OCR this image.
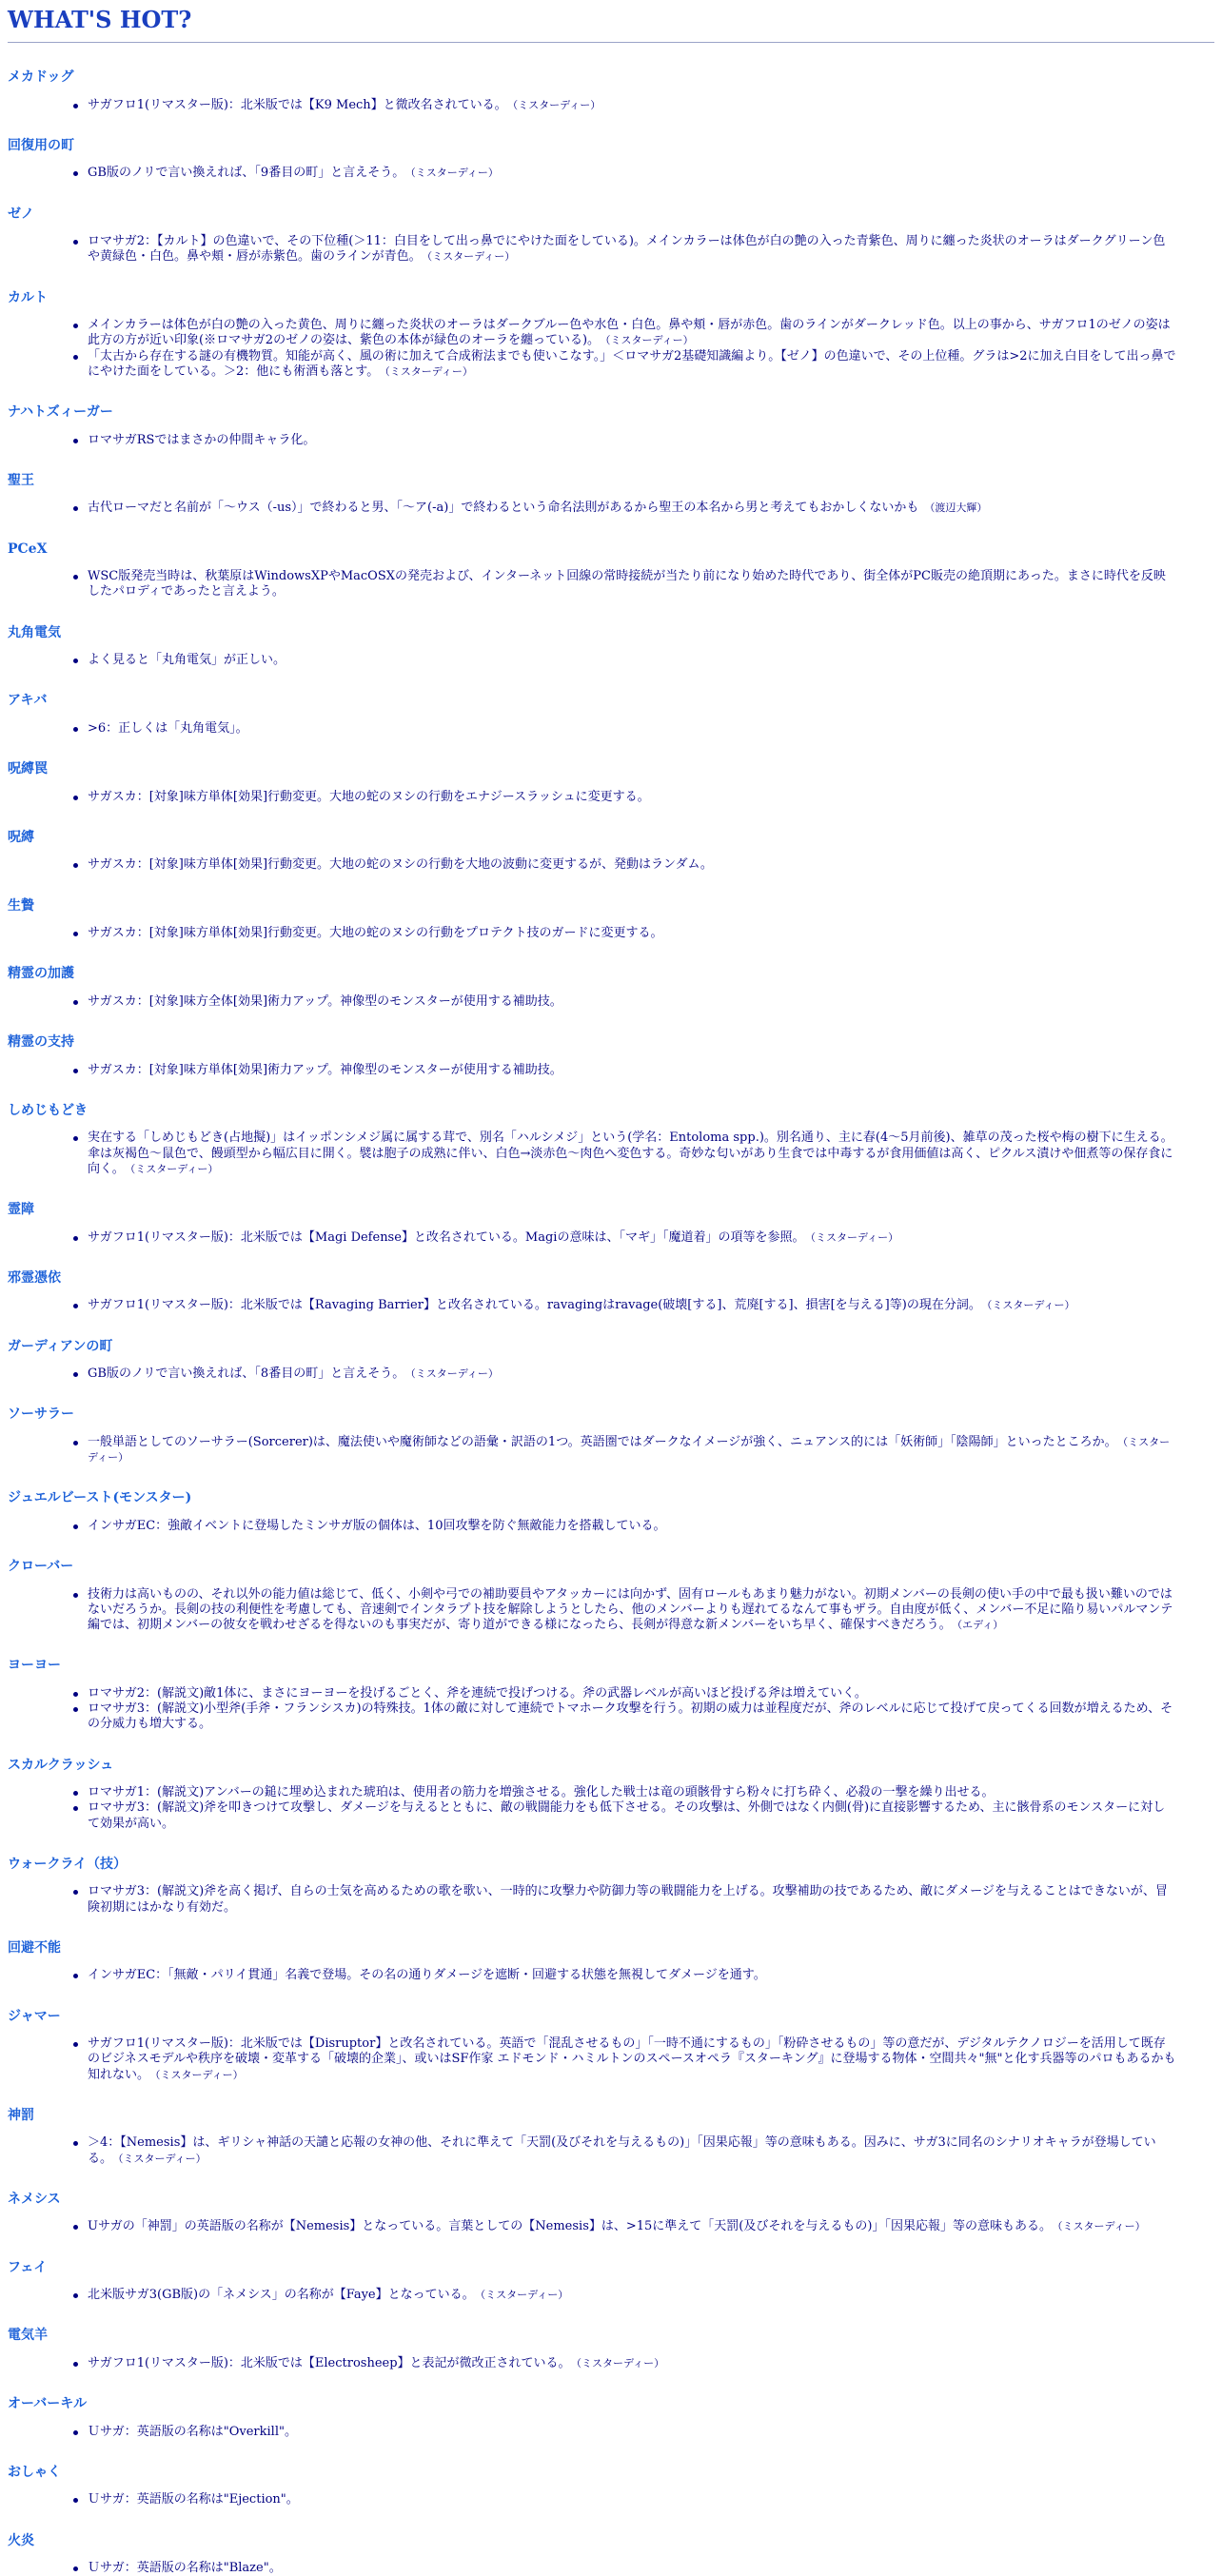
WHAT'S HOT?
メカドッグ
サガフロ1(リマスター版)：北米版では【K9 Mech】と微改名されている。 （ミスターディー）
回復用の町
GB版のノリで言い換えれば、「9番目の町」と言えそう。 （ミスターディー）
ゼノ
ロマサガ2：【カルト】の色違いで、その下位種(＞11：白目をして出っ鼻でにやけた面をしている)。メインカラーは体色が白の艶の入った青紫色、周りに纏った炎状のオーラはダークグリーン色や黄緑色・白色。鼻や頬・唇が赤紫色。歯のラインが青色。 （ミスターディー）
カルト
メインカラーは体色が白の艶の入った黄色、周りに纏った炎状のオーラはダークブルー色や水色・白色。鼻や頬・唇が赤色。歯のラインがダークレッド色。以上の事から、サガフロ1のゼノの姿は此方の方が近い印象(※ロマサガ2のゼノの姿は、紫色の本体が緑色のオーラを纏っている)。 （ミスターディー）
「太古から存在する謎の有機物質。知能が高く、風の術に加えて合成術法までも使いこなす。」＜ロマサガ2基礎知識編より。【ゼノ】の色違いで、その上位種。グラは>2に加え白目をして出っ鼻でにやけた面をしている。＞2：他にも術酒も落とす。 （ミスターディー）
ナハトズィーガー
ロマサガRSではまさかの仲間キャラ化。
聖王
古代ローマだと名前が「～ウス（-us）」で終わると男、「～ア(-a)」で終わるという命名法則があるから聖王の本名から男と考えてもおかしくないかも （渡辺大輝）
PCeX
WSC版発売当時は、秋葉原はWindowsXPやMacOSXの発売および、インターネット回線の常時接続が当たり前になり始めた時代であり、街全体がPC販売の絶頂期にあった。まさに時代を反映したパロディであったと言えよう。
丸角電気
よく見ると「丸角電気」が正しい。
アキバ
>6：正しくは「丸角電気」。
呪縛罠
サガスカ：[対象]味方単体[効果]行動変更。大地の蛇のヌシの行動をエナジースラッシュに変更する。
呪縛
サガスカ：[対象]味方単体[効果]行動変更。大地の蛇のヌシの行動を大地の波動に変更するが、発動はランダム。
生贄
サガスカ：[対象]味方単体[効果]行動変更。大地の蛇のヌシの行動をプロテクト技のガードに変更する。
精霊の加護
サガスカ：[対象]味方全体[効果]術力アップ。神像型のモンスターが使用する補助技。
精霊の支持
サガスカ：[対象]味方単体[効果]術力アップ。神像型のモンスターが使用する補助技。
しめじもどき
実在する「しめじもどき(占地擬)」はイッポンシメジ属に属する茸で、別名「ハルシメジ」という(学名：Entoloma spp.)。別名通り、主に春(4～5月前後)、雑草の茂った桜や梅の樹下に生える。傘は灰褐色～鼠色で、饅頭型から幅広目に開く。襞は胞子の成熟に伴い、白色→淡赤色～肉色へ変色する。奇妙な匂いがあり生食では中毒するが食用価値は高く、ピクルス漬けや佃煮等の保存食に向く。 （ミスターディー）
霊障
サガフロ1(リマスター版)：北米版では【Magi Defense】と改名されている。Magiの意味は、「マギ」「魔道着」の項等を参照。 （ミスターディー）
邪霊憑依
サガフロ1(リマスター版)：北米版では【Ravaging Barrier】と改名されている。ravagingはravage(破壊[する]、荒廃[する]、損害[を与える]等)の現在分詞。 （ミスターディー）
ガーディアンの町
GB版のノリで言い換えれば、「8番目の町」と言えそう。 （ミスターディー）
ソーサラー
一般単語としてのソーサラー(Sorcerer)は、魔法使いや魔術師などの語彙・訳語の1つ。英語圏ではダークなイメージが強く、ニュアンス的には「妖術師」「陰陽師」といったところか。 （ミスターディー）
ジュエルビースト(モンスター)
インサガEC：強敵イベントに登場したミンサガ版の個体は、10回攻撃を防ぐ無敵能力を搭載している。
クローバー
技術力は高いものの、それ以外の能力値は総じて、低く、小剣や弓での補助要員やアタッカーには向かず、固有ロールもあまり魅力がない。初期メンバーの長剣の使い手の中で最も扱い難いのではないだろうか。長剣の技の利便性を考慮しても、音速剣でインタラプト技を解除しようとしたら、他のメンバーよりも遅れてるなんて事もザラ。自由度が低く、メンバー不足に陥り易いパルマンテ編では、初期メンバーの彼女を戦わせざるを得ないのも事実だが、寄り道ができる様になったら、長剣が得意な新メンバーをいち早く、確保すべきだろう。 （エディ）
ヨーヨー
ロマサガ2：(解説文)敵1体に、まさにヨーヨーを投げるごとく、斧を連続で投げつける。斧の武器レベルが高いほど投げる斧は増えていく。
ロマサガ3：(解説文)小型斧(手斧・フランシスカ)の特殊技。1体の敵に対して連続でトマホーク攻撃を行う。初期の威力は並程度だが、斧のレベルに応じて投げて戻ってくる回数が増えるため、その分威力も増大する。
スカルクラッシュ
ロマサガ1：(解説文)アンバーの鎚に埋め込まれた琥珀は、使用者の筋力を増強させる。強化した戦士は竜の頭骸骨すら粉々に打ち砕く、必殺の一撃を繰り出せる。
ロマサガ3：(解説文)斧を叩きつけて攻撃し、ダメージを与えるとともに、敵の戦闘能力をも低下させる。その攻撃は、外側ではなく内側(骨)に直接影響するため、主に骸骨系のモンスターに対して効果が高い。
ウォークライ（技）
ロマサガ3：(解説文)斧を高く掲げ、自らの士気を高めるための歌を歌い、一時的に攻撃力や防御力等の戦闘能力を上げる。攻撃補助の技であるため、敵にダメージを与えることはできないが、冒険初期にはかなり有効だ。
回避不能
インサガEC：「無敵・パリイ貫通」名義で登場。その名の通りダメージを遮断・回避する状態を無視してダメージを通す。
ジャマー
サガフロ1(リマスター版)：北米版では【Disruptor】と改名されている。英語で「混乱させるもの」「一時不通にするもの」「粉砕させるもの」等の意だが、デジタルテクノロジーを活用して既存のビジネスモデルや秩序を破壊・変革する「破壊的企業」、或いはSF作家 エドモンド・ハミルトンのスペースオペラ『スターキング』に登場する物体・空間共々"無"と化す兵器等のパロもあるかも知れない。 （ミスターディー）
神罰
＞4：【Nemesis】は、ギリシャ神話の天譴と応報の女神の他、それに準えて「天罰(及びそれを与えるもの)」「因果応報」等の意味もある。因みに、サガ3に同名のシナリオキャラが登場している。 （ミスターディー）
ネメシス
Uサガの「神罰」の英語版の名称が【Nemesis】となっている。言葉としての【Nemesis】は、>15に準えて「天罰(及びそれを与えるもの)」「因果応報」等の意味もある。 （ミスターディー）
フェイ
北米版サガ3(GB版)の「ネメシス」の名称が【Faye】となっている。 （ミスターディー）
電気羊
サガフロ1(リマスター版)：北米版では【Electrosheep】と表記が微改正されている。 （ミスターディー）
オーバーキル
Ｕサガ：英語版の名称は"Overkill"。
おしゃく
Ｕサガ：英語版の名称は"Ejection"。
火炎
Ｕサガ：英語版の名称は"Blaze"。
